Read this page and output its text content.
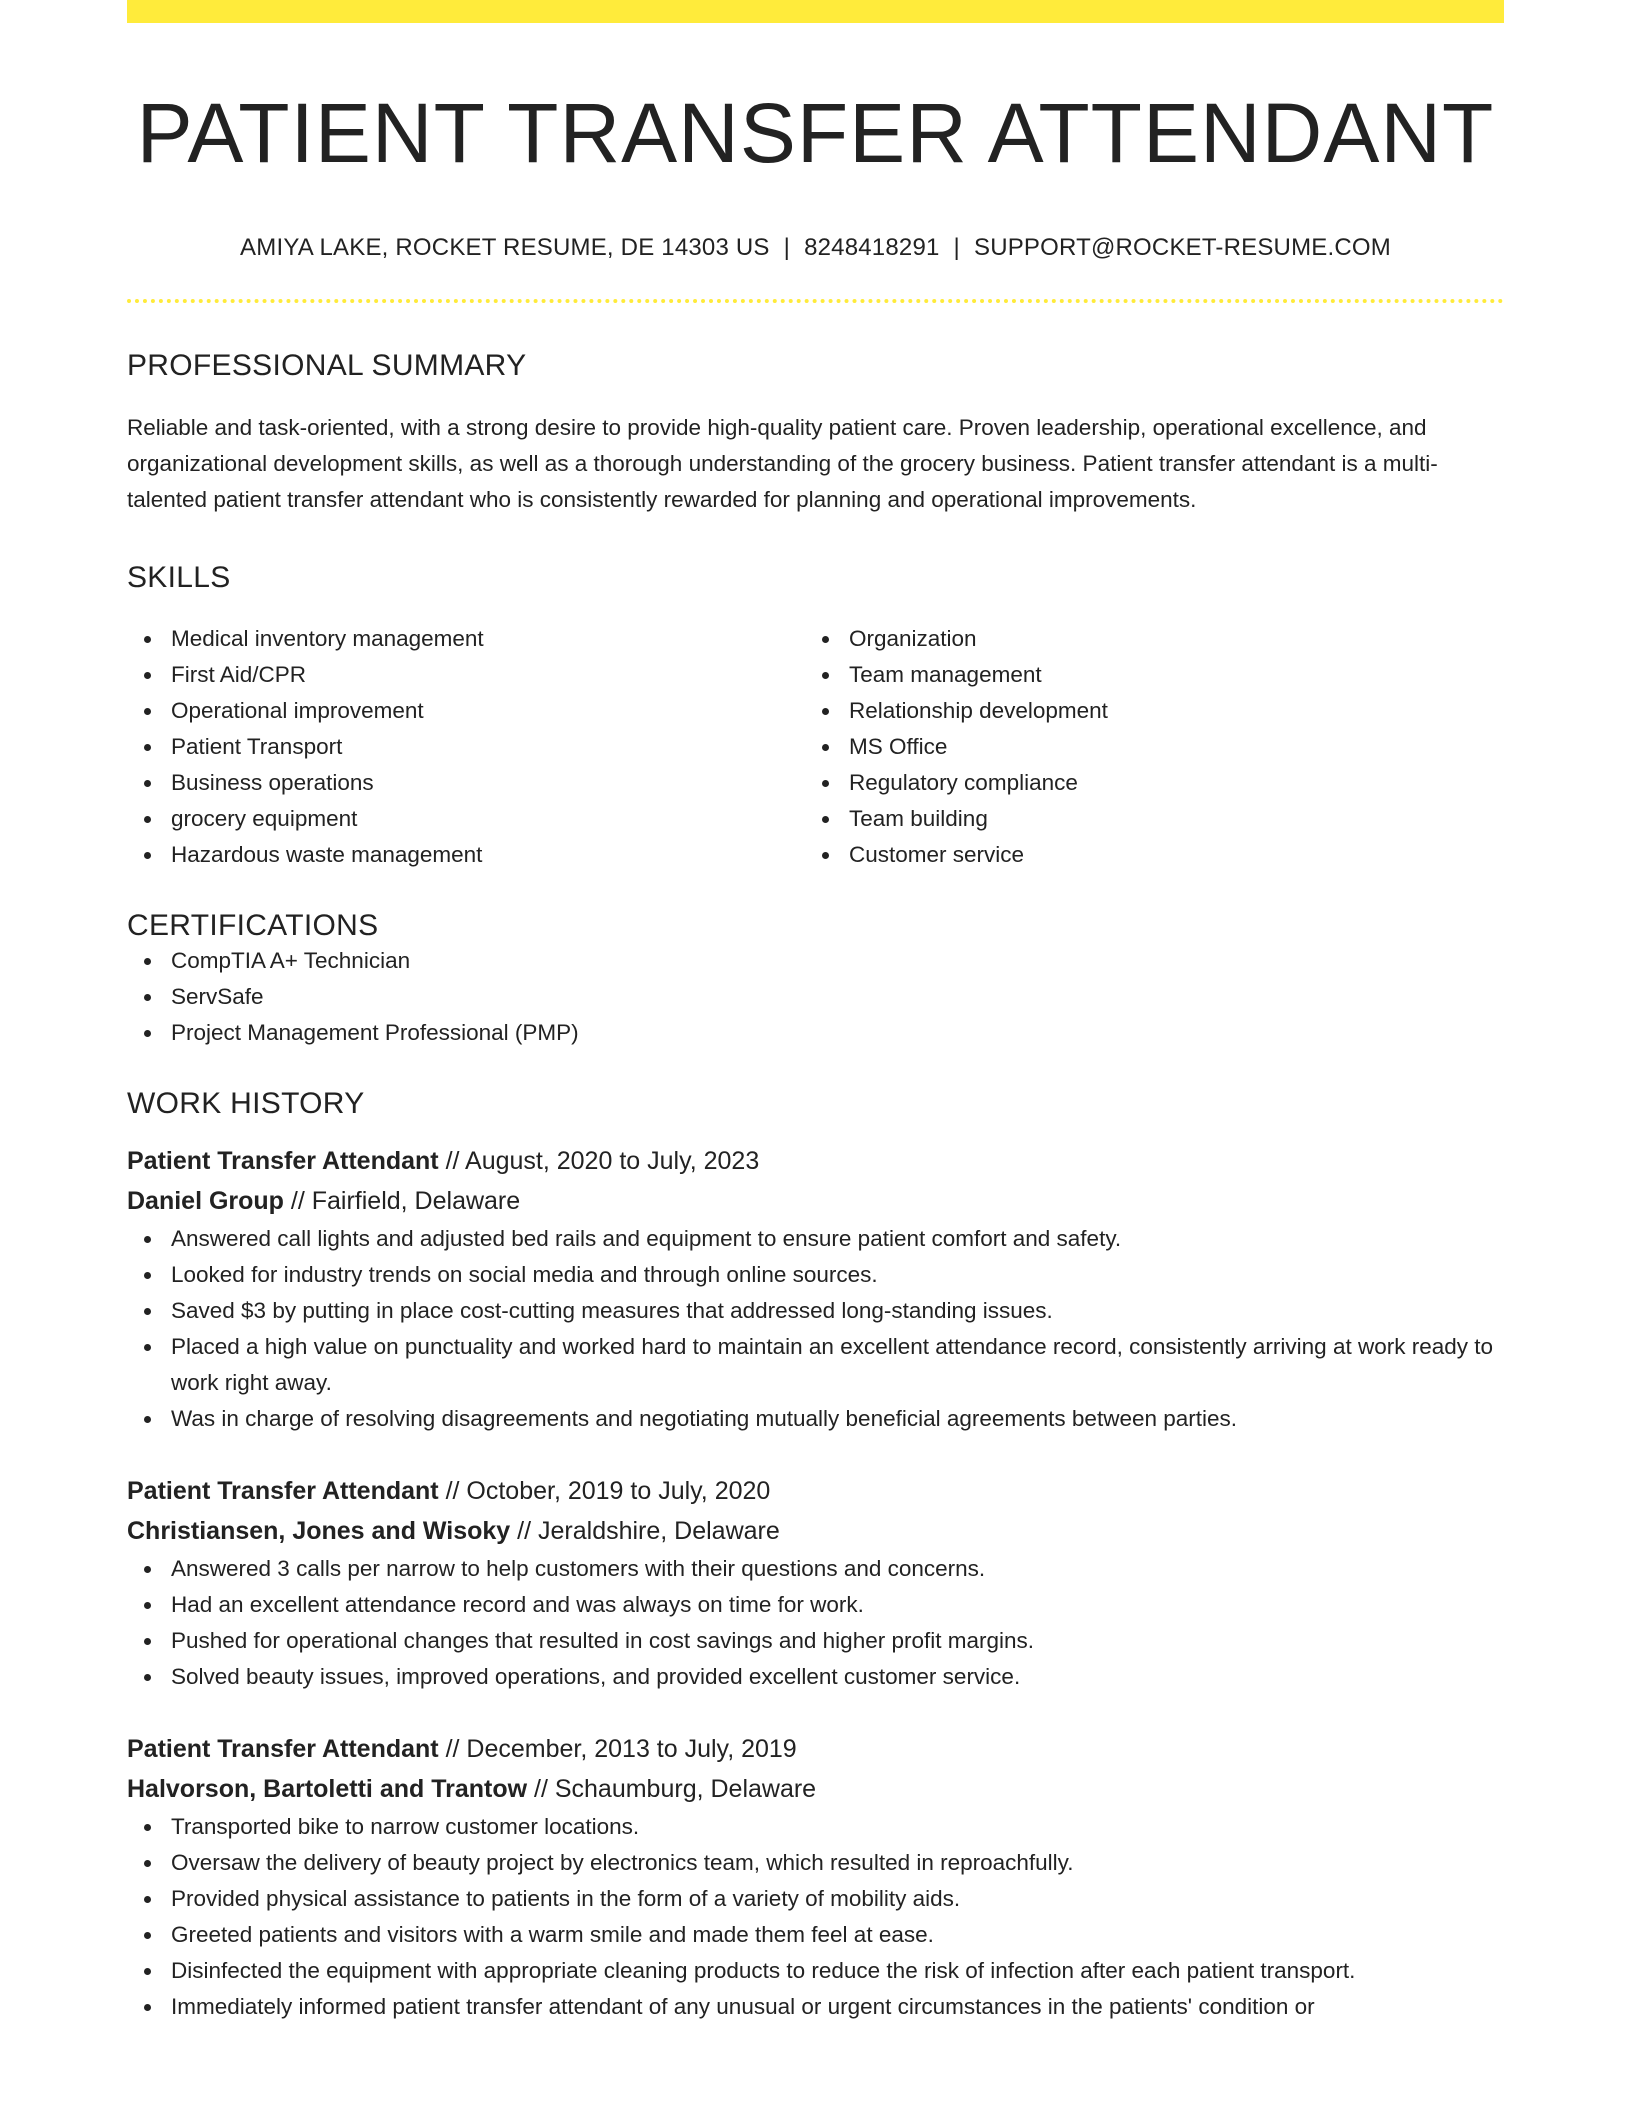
PATIENT TRANSFER ATTENDANT
AMIYA LAKE, ROCKET RESUME, DE 14303 US | 8248418291 | SUPPORT@ROCKET-RESUME.COM
PROFESSIONAL SUMMARY
Reliable and task-oriented, with a strong desire to provide high-quality patient care. Proven leadership, operational excellence, and organizational development skills, as well as a thorough understanding of the grocery business. Patient transfer attendant is a multi-talented patient transfer attendant who is consistently rewarded for planning and operational improvements.
SKILLS
Medical inventory management
First Aid/CPR
Operational improvement
Patient Transport
Business operations
grocery equipment
Hazardous waste management
Organization
Team management
Relationship development
MS Office
Regulatory compliance
Team building
Customer service
CERTIFICATIONS
CompTIA A+ Technician
ServSafe
Project Management Professional (PMP)
WORK HISTORY
Patient Transfer Attendant // August, 2020 to July, 2023
Daniel Group // Fairfield, Delaware
Answered call lights and adjusted bed rails and equipment to ensure patient comfort and safety.
Looked for industry trends on social media and through online sources.
Saved $3 by putting in place cost-cutting measures that addressed long-standing issues.
Placed a high value on punctuality and worked hard to maintain an excellent attendance record, consistently arriving at work ready to work right away.
Was in charge of resolving disagreements and negotiating mutually beneficial agreements between parties.
Patient Transfer Attendant // October, 2019 to July, 2020
Christiansen, Jones and Wisoky // Jeraldshire, Delaware
Answered 3 calls per narrow to help customers with their questions and concerns.
Had an excellent attendance record and was always on time for work.
Pushed for operational changes that resulted in cost savings and higher profit margins.
Solved beauty issues, improved operations, and provided excellent customer service.
Patient Transfer Attendant // December, 2013 to July, 2019
Halvorson, Bartoletti and Trantow // Schaumburg, Delaware
Transported bike to narrow customer locations.
Oversaw the delivery of beauty project by electronics team, which resulted in reproachfully.
Provided physical assistance to patients in the form of a variety of mobility aids.
Greeted patients and visitors with a warm smile and made them feel at ease.
Disinfected the equipment with appropriate cleaning products to reduce the risk of infection after each patient transport.
Immediately informed patient transfer attendant of any unusual or urgent circumstances in the patients' condition or
